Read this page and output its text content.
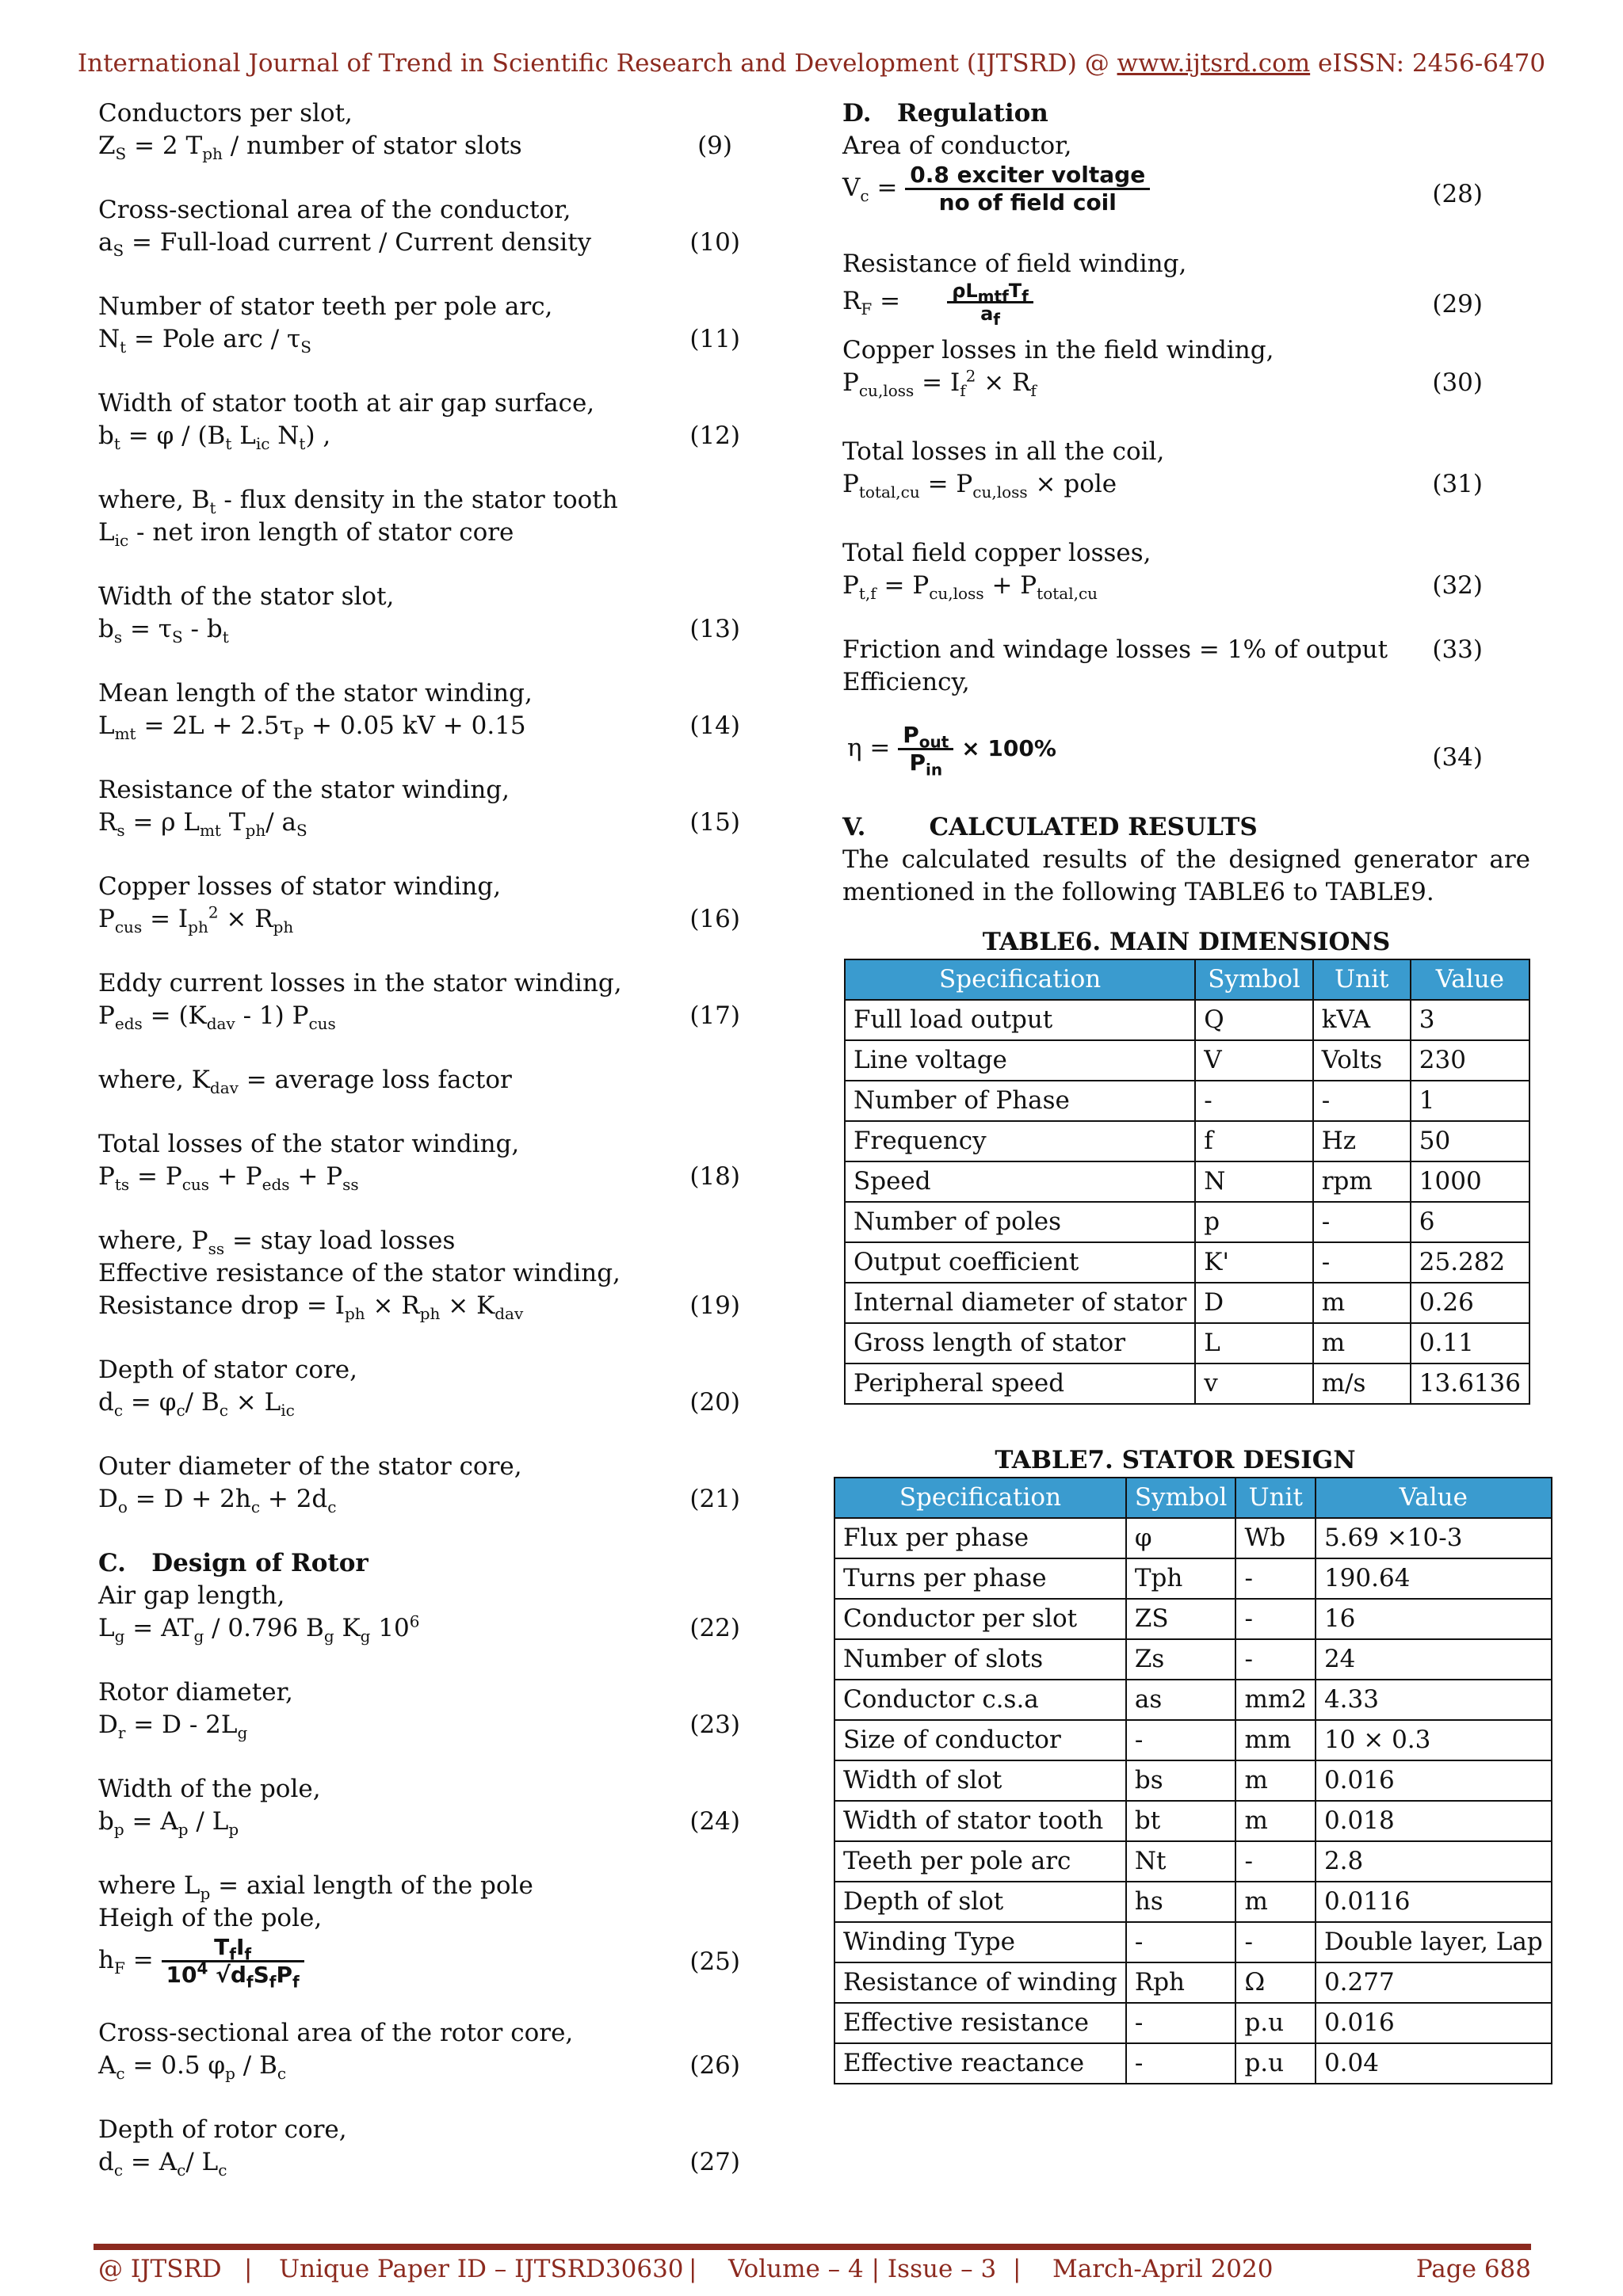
International Journal of Trend in Scientific Research and Development (IJTSRD) @ www.ijtsrd.com eISSN: 2456-6470
Conductors per slot,
$Z_S = 2$ $T_{ph}$ / number of stator slots	(9)
Cross-sectional area of the conductor,
$a_S$ = Full-load current / Current density	(10)
Number of stator teeth per pole arc,
$N_t$ = Pole arc / $\tau_S$	(11)
Width of stator tooth at air gap surface,
$b_t = \varphi / (B_t$ $L_{ic}$ $N_t$) ,	(12)
where, $B_t$ - flux density in the stator tooth
$L_{ic}$ - net iron length of stator core
Width of the stator slot,
$b_s = \tau_S - b_t$	(13)
Mean length of the stator winding,
$L_{mt} = 2L + 2.5\tau_P + 0.05$ kV + 0.15	(14)
Resistance of the stator winding,
$R_s = \rho$ $L_{mt}$ $T_{ph}/$ $a_S$	(15)
Copper losses of stator winding,
$P_{cus} = I_{ph}^2 \times R_{ph}$	(16)
Eddy current losses in the stator winding,
$P_{eds} = (K_{dav} - 1)$ $P_{cus}$	(17)
where, $K_{dav}$ = average loss factor
Total losses of the stator winding,
$P_{ts} = P_{cus} + P_{eds} + P_{ss}$	(18)
where, $P_{ss}$ = stay load losses
Effective resistance of the stator winding,
Resistance drop = $I_{ph} \times R_{ph} \times K_{dav}$	(19)
Depth of stator core,
$d_c = \varphi_c/$ $B_c \times L_{ic}$	(20)
Outer diameter of the stator core,
$D_o = D + 2h_c + 2d_c$	(21)
C.   Design of Rotor
Air gap length,
$L_g = AT_g / 0.796$ $B_g$ $K_g$ $10^6$	(22)
Rotor diameter,
$D_r = D - 2L_g$	(23)
Width of the pole,
$b_p = A_p / L_p$	(24)
where $L_p$ = axial length of the pole
Heigh of the pole,
$h_F = \frac{T_fI_f}{10^4 √d_fS_fP_f}$	(25)
Cross-sectional area of the rotor core,
$A_c = 0.5$ $\varphi_p / B_c$	(26)
Depth of rotor core,
$d_c = A_c/$ $L_c$	(27)
D.   Regulation
Area of conductor,
$V_c = \frac{\text{0.8 exciter voltage}}{\text{no of field coil}}$	(28)
Resistance of field winding,
$R_F = \frac{\rho L_{mtf}T_f}{a_f}$	(29)
Copper losses in the field winding,
$P_{cu,loss} = I_f^2 \times R_f$	(30)
Total losses in all the coil,
$P_{total,cu} = P_{cu,loss}$ × pole	(31)
Total field copper losses,
$P_{t,f} = P_{cu,loss} + P_{total,cu}$	(32)
Friction and windage losses = 1% of output
Efficiency,
(33)
$\eta = \frac{P_{out}}{P_{in}} \times 100\%$	(34)
V.	CALCULATED RESULTS
The calculated results of the designed generator are mentioned in the following TABLE6 to TABLE9.
TABLE6. MAIN DIMENSIONS
Specification	Symbol	Unit	Value
Full load output	Q	kVA	3
Line voltage	V	Volts	230
Number of Phase	-	-	1
Frequency	f	Hz	50
Speed	N	rpm	1000
Number of poles	p	-	6
Output coefficient	K'	-	25.282
Internal diameter of stator	D	m	0.26
Gross length of stator	L	m	0.11
Peripheral speed	v	m/s	13.6136
TABLE7. STATOR DESIGN
Specification	Symbol	Unit	Value
Flux per phase	φ	Wb	5.69 ×10-3
Turns per phase	Tph	-	190.64
Conductor per slot	ZS	-	16
Number of slots	Zs	-	24
Conductor c.s.a	as	mm2	4.33
Size of conductor	-	mm	10 × 0.3
Width of slot	bs	m	0.016
Width of stator tooth	bt	m	0.018
Teeth per pole arc	Nt	-	2.8
Depth of slot	hs	m	0.0116
Winding Type	-	-	Double layer, Lap
Resistance of winding	Rph	Ω	0.277
Effective resistance	-	p.u	0.016
Effective reactance	-	p.u	0.04
@ IJTSRD | Unique Paper ID – IJTSRD30630 | Volume – 4 | Issue – 3 | March-April 2020	Page 688
